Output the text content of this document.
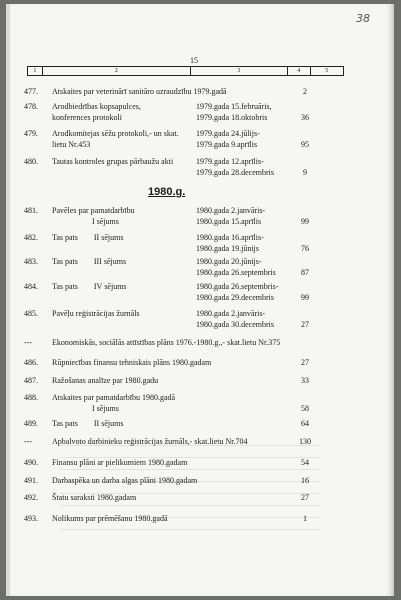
38
15
1	2	3	4	5
1980.g.
477.	Atskaites par veterinārī sanitāro uzraudzību 1979.gadā	2
478.	Arodbiedrības kopsapulces,
konferences protokoli
1979.gada 15.februāris,
1979.gada 18.oktobris	36
479.	Arodkomitejas sēžu protokoli,- un skat.
lietu Nr.453
1979.gada 24.jūlijs-
1979.gada 9.aprīlis	95
480.	Tautas kontroles grupas pārbaužu akti	1979.gada 12.aprīlis-
1979.gada 28.decembris	9
481.	Pavēles par pamatdarbību
I sējums
1980.gada 2.janvāris-
1980.gada 15.aprīlis	99
482.	Tas pats        II sējums	1980.gada 16.aprīlis-
1980.gada 19.jūnijs	76
483.	Tas pats        III sējums	1980.gada 20.jūnijs-
1980.gada 26.septembris	87
484.	Tas pats        IV sējums	1980.gada 26.septembris-
1980.gada 29.decembris	99
485.	Pavēļu reģistrācijas žurnāls	1980.gada 2.janvāris-
1980.gada 30.decembris	27
---	Ekonomiskās, sociālās attīstības plāns 1976.-1980.g.,- skat.lietu Nr.375
486.	Rūpniecības finansu tehniskais plāns 1980.gadam	27
487.	Ražošanas analīze par 1980.gadu	33
488.	Atskaites par pamatdarbību 1980.gadā
I sējums	58
489.	Tas pats        II sējums	64
---	Apbalvoto darbinieku reģistrācijas žurnāls,- skat.lietu Nr.704	130
490.	Finansu plāni ar pielikumiem 1980.gadam	54
491.	Darbaspēka un darba algas plāni 1980.gadam	16
492.	Štatu saraksti 1980.gadam	27
493.	Nolikums par prēmēšanu 1980.gadā	1
